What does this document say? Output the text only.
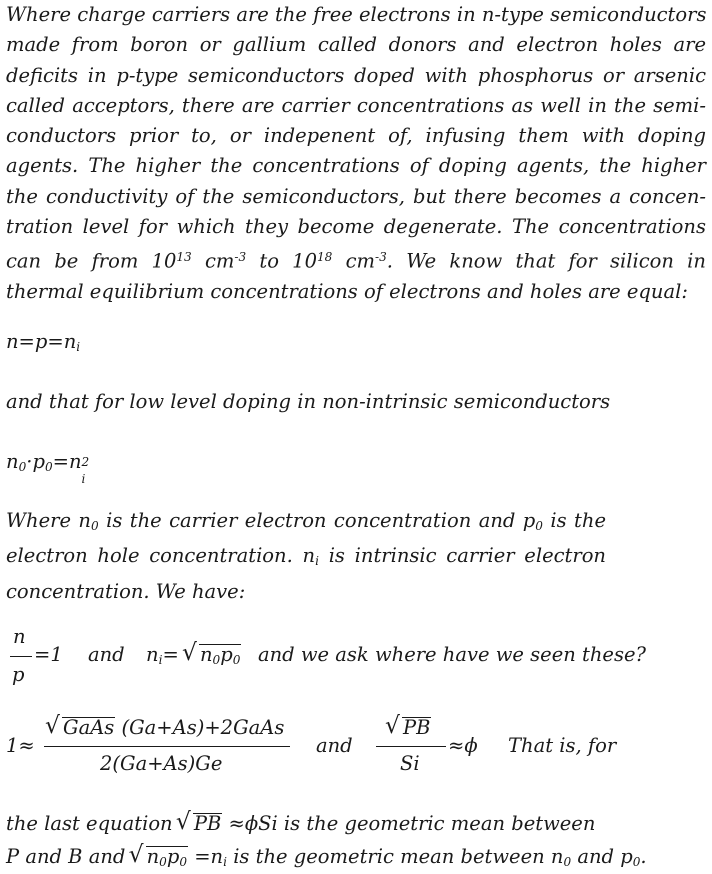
Where charge carriers are the free electrons in n-type semiconductors
made from boron or gallium called donors and electron holes are
deficits in p-type semiconductors doped with phosphorus or arsenic
called acceptors, there are carrier concentrations as well in the semi-
conductors prior to, or indepenent of, infusing them with doping
agents. The higher the concentrations of doping agents, the higher
the conductivity of the semiconductors, but there becomes a concen-
tration level for which they become degenerate. The concentrations
can be from $10^{13}$ $cm^{-3}$ to $10^{18}$ $cm^{-3}$. We know that for silicon in
thermal equilibrium concentrations of electrons and holes are equal:
$n=p=n_i$
and that for low level doping in non-intrinsic semiconductors
$n_0\cdot p_0=n$ 2
i
Where $n_0$ is the carrier electron concentration and $p_0$ is the
electron hole concentration. $n_i$ is intrinsic carrier electron
concentration. We have:
n
p
=1 and $n_i=$ √ $n_0p_0$ and we ask where have we seen these?
1≈
√ GaAs (Ga+As)+2GaAs
2(Ga+As)Ge
and
√ PB
Si
≈ϕ That is, for
the last equation √ PB ≈ϕSi is the geometric mean between
P and B and √ $n_0p_0 =n_i$ is the geometric mean between $n_0$ and $p_0$.
